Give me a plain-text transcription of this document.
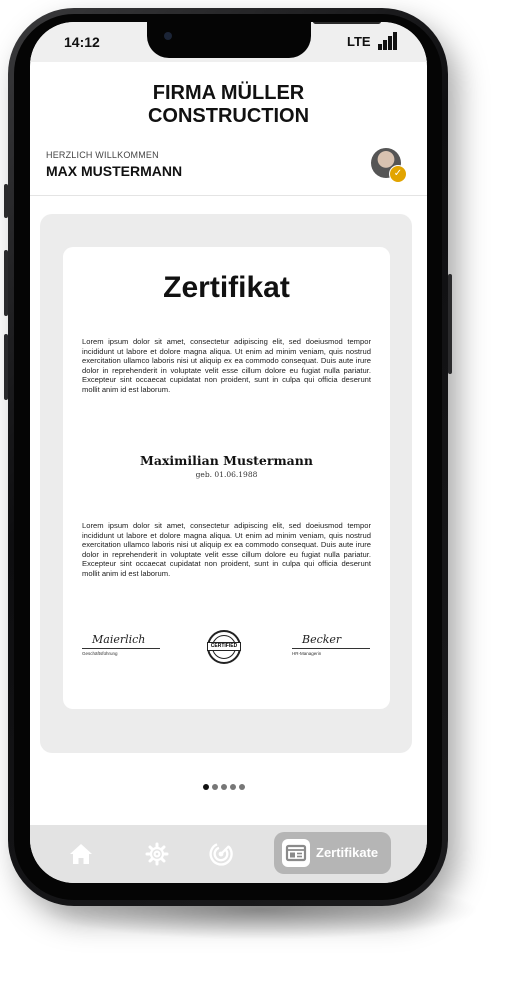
14:12	LTE
FIRMA MÜLLER
CONSTRUCTION
HERZLICH WILLKOMMEN
MAX MUSTERMANN	✓
Zertifikat
Lorem ipsum dolor sit amet, consectetur adipiscing elit, sed doeiusmod tempor incididunt ut labore et dolore magna aliqua. Ut enim ad minim veniam, quis nostrud exercitation ullamco laboris nisi ut aliquip ex ea commodo consequat. Duis aute irure dolor in reprehenderit in voluptate velit esse cillum dolore eu fugiat nulla pariatur. Excepteur sint occaecat cupidatat non proident, sunt in culpa qui officia deserunt mollit anim id est laborum.
Maximilian Mustermann
geb. 01.06.1988
Lorem ipsum dolor sit amet, consectetur adipiscing elit, sed doeiusmod tempor incididunt ut labore et dolore magna aliqua. Ut enim ad minim veniam, quis nostrud exercitation ullamco laboris nisi ut aliquip ex ea commodo consequat. Duis aute irure dolor in reprehenderit in voluptate velit esse cillum dolore eu fugiat nulla pariatur. Excepteur sint occaecat cupidatat non proident, sunt in culpa qui officia deserunt mollit anim id est laborum.
Maierlich
Geschäftsführung
CERTIFIED	Becker
HR-Managerin
Zertifikate
